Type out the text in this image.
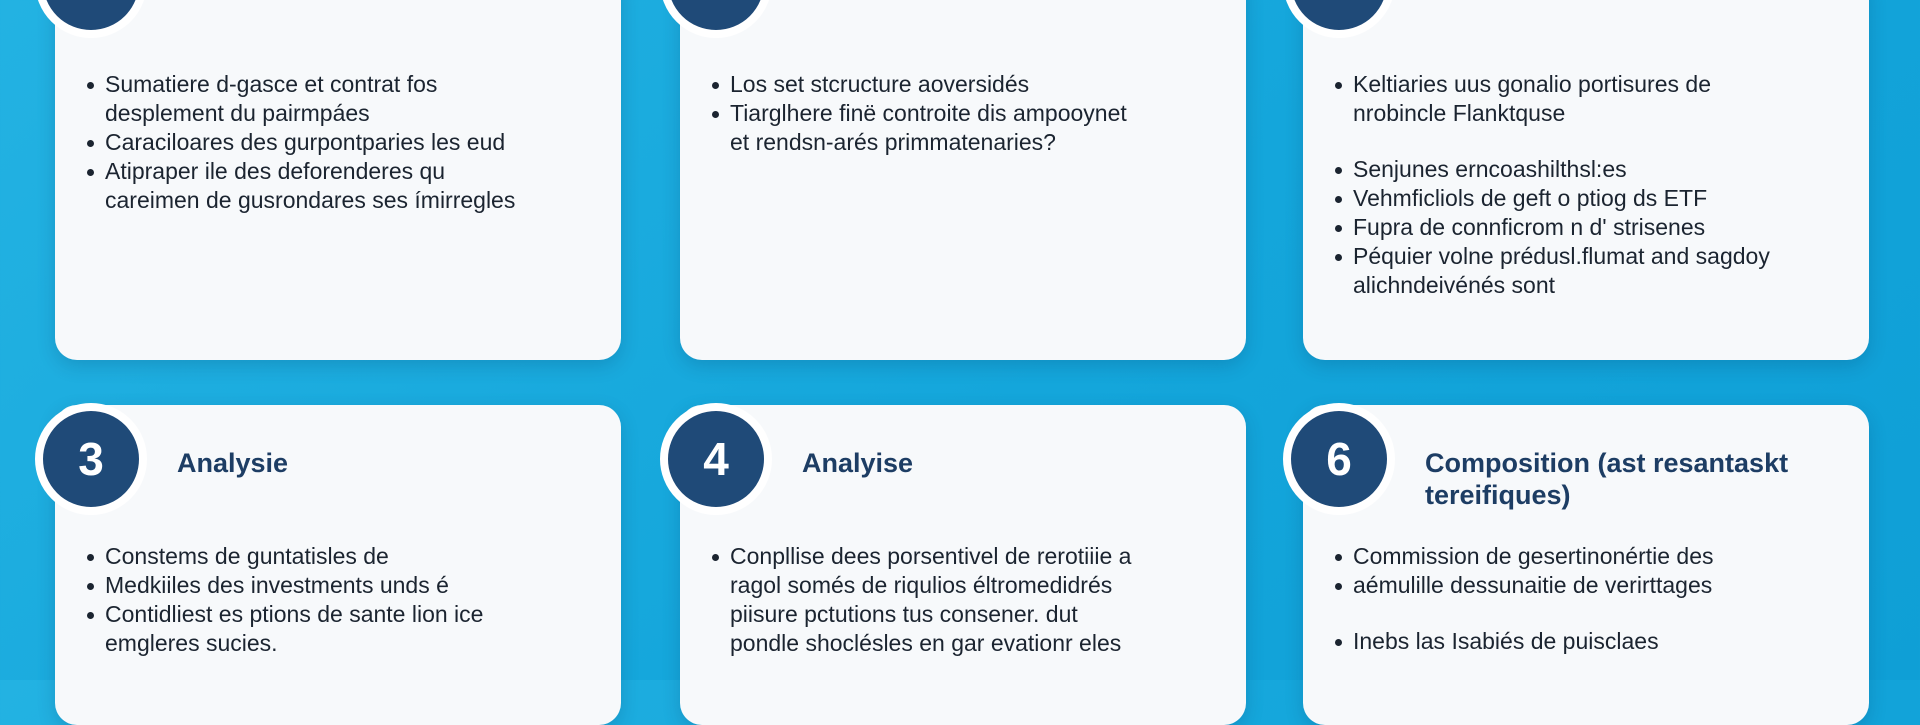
Sumatiere d-gasce et contrat fos
desplement du pairmpáes
Caraciloares des gurpontparies les eud
Atipraper ile des deforenderes qu
careimen de gusrondares ses ímirregles
Los set stcructure aoversidés
Tiarglhere finë controite dis ampooynet
et rendsn-arés primmatenaries?
Keltiaries uus gonalio portisures de
nrobincle Flanktquse
Senjunes erncoashilthsl:es
Vehmficliols de geft o ptiog ds ETF
Fupra de connficrom n d' strisenes
Péquier volne prédusl.flumat and sagdoy
alichndeivénés sont
3	Analysie
Constems de guntatisles de
Medkiiles des investments unds é
Contidliest es ptions de sante lion ice
emgleres sucies.
4	Analyise
Conpllise dees porsentivel de rerotiiie a
ragol somés de riqulios éltromedidrés
piisure pctutions tus consener. dut
pondle shoclésles en gar evationr eles
6	Composition (ast resantaskt tereifiques)
Commission de gesertinonértie des
aémulille dessunaitie de verirttages
Inebs las Isabiés de puisclaes
